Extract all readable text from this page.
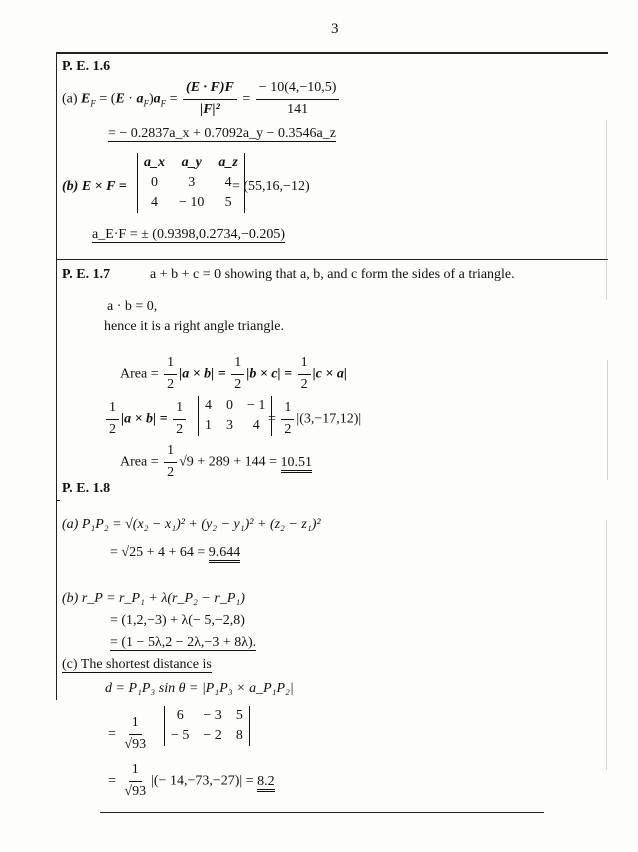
3
P. E. 1.6
(a) $E_F = (E \cdot a_F)a_F = \frac{(E \cdot F)F}{\text{|F|²}} = \frac{- 10(4,-10,5)}{141}$
= − 0.2837a_x + 0.7092a_y − 0.3546a_z
(b) E × F =
a_x	a_y	a_z
0	3	4
4	− 10	5
= (55,16,−12)
a_E·F = ± (0.9398,0.2734,−0.205)
P. E. 1.7	a + b + c = 0 showing that a, b, and c form the sides of a triangle.
a · b = 0,
hence it is a right angle triangle.
Area = $\frac{1}{2} |a \times b| = \frac{1}{2} |b \times c| = \frac{1}{2} |c \times a|$
$\frac{1}{2} |a \times b| = \frac{1}{2} 4$	0	− 1
1	3	$4 = \frac{1}{2} |(3,-17,12)|$
Area = $\frac{1}{2} √9 + 289 + 144 = 10.51$
P. E. 1.8
(a) P₁P₂ = √(x₂ − x₁)² + (y₂ − y₁)² + (z₂ − z₁)²
= √25 + 4 + 64 = 9.644
(b) r_P = r_P₁ + λ(r_P₂ − r_P₁)
= (1,2,−3) + λ(− 5,−2,8)
= (1 − 5λ,2 − 2λ,−3 + 8λ).
(c) The shortest distance is
d = P₁P₃ sin θ = |P₁P₃ × a_P₁P₂|
= $\frac{1}{√93} 6$	− 3	5
− 5	− 2	8
= $\frac{1}{√93}$ |(− 14,−73,−27)| = 8.2
